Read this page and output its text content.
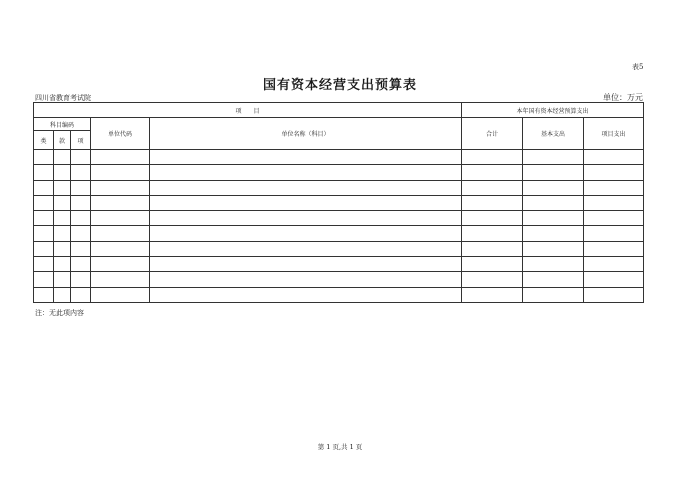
表5
国有资本经营支出预算表
四川省教育考试院	单位：万元
项　　目					本年国有资本经营预算支出		
科目编码			单位代码	单位名称（科目）	合计	基本支出	项目支出
类	款	项					

注：无此项内容
第 1 页,共 1 页
